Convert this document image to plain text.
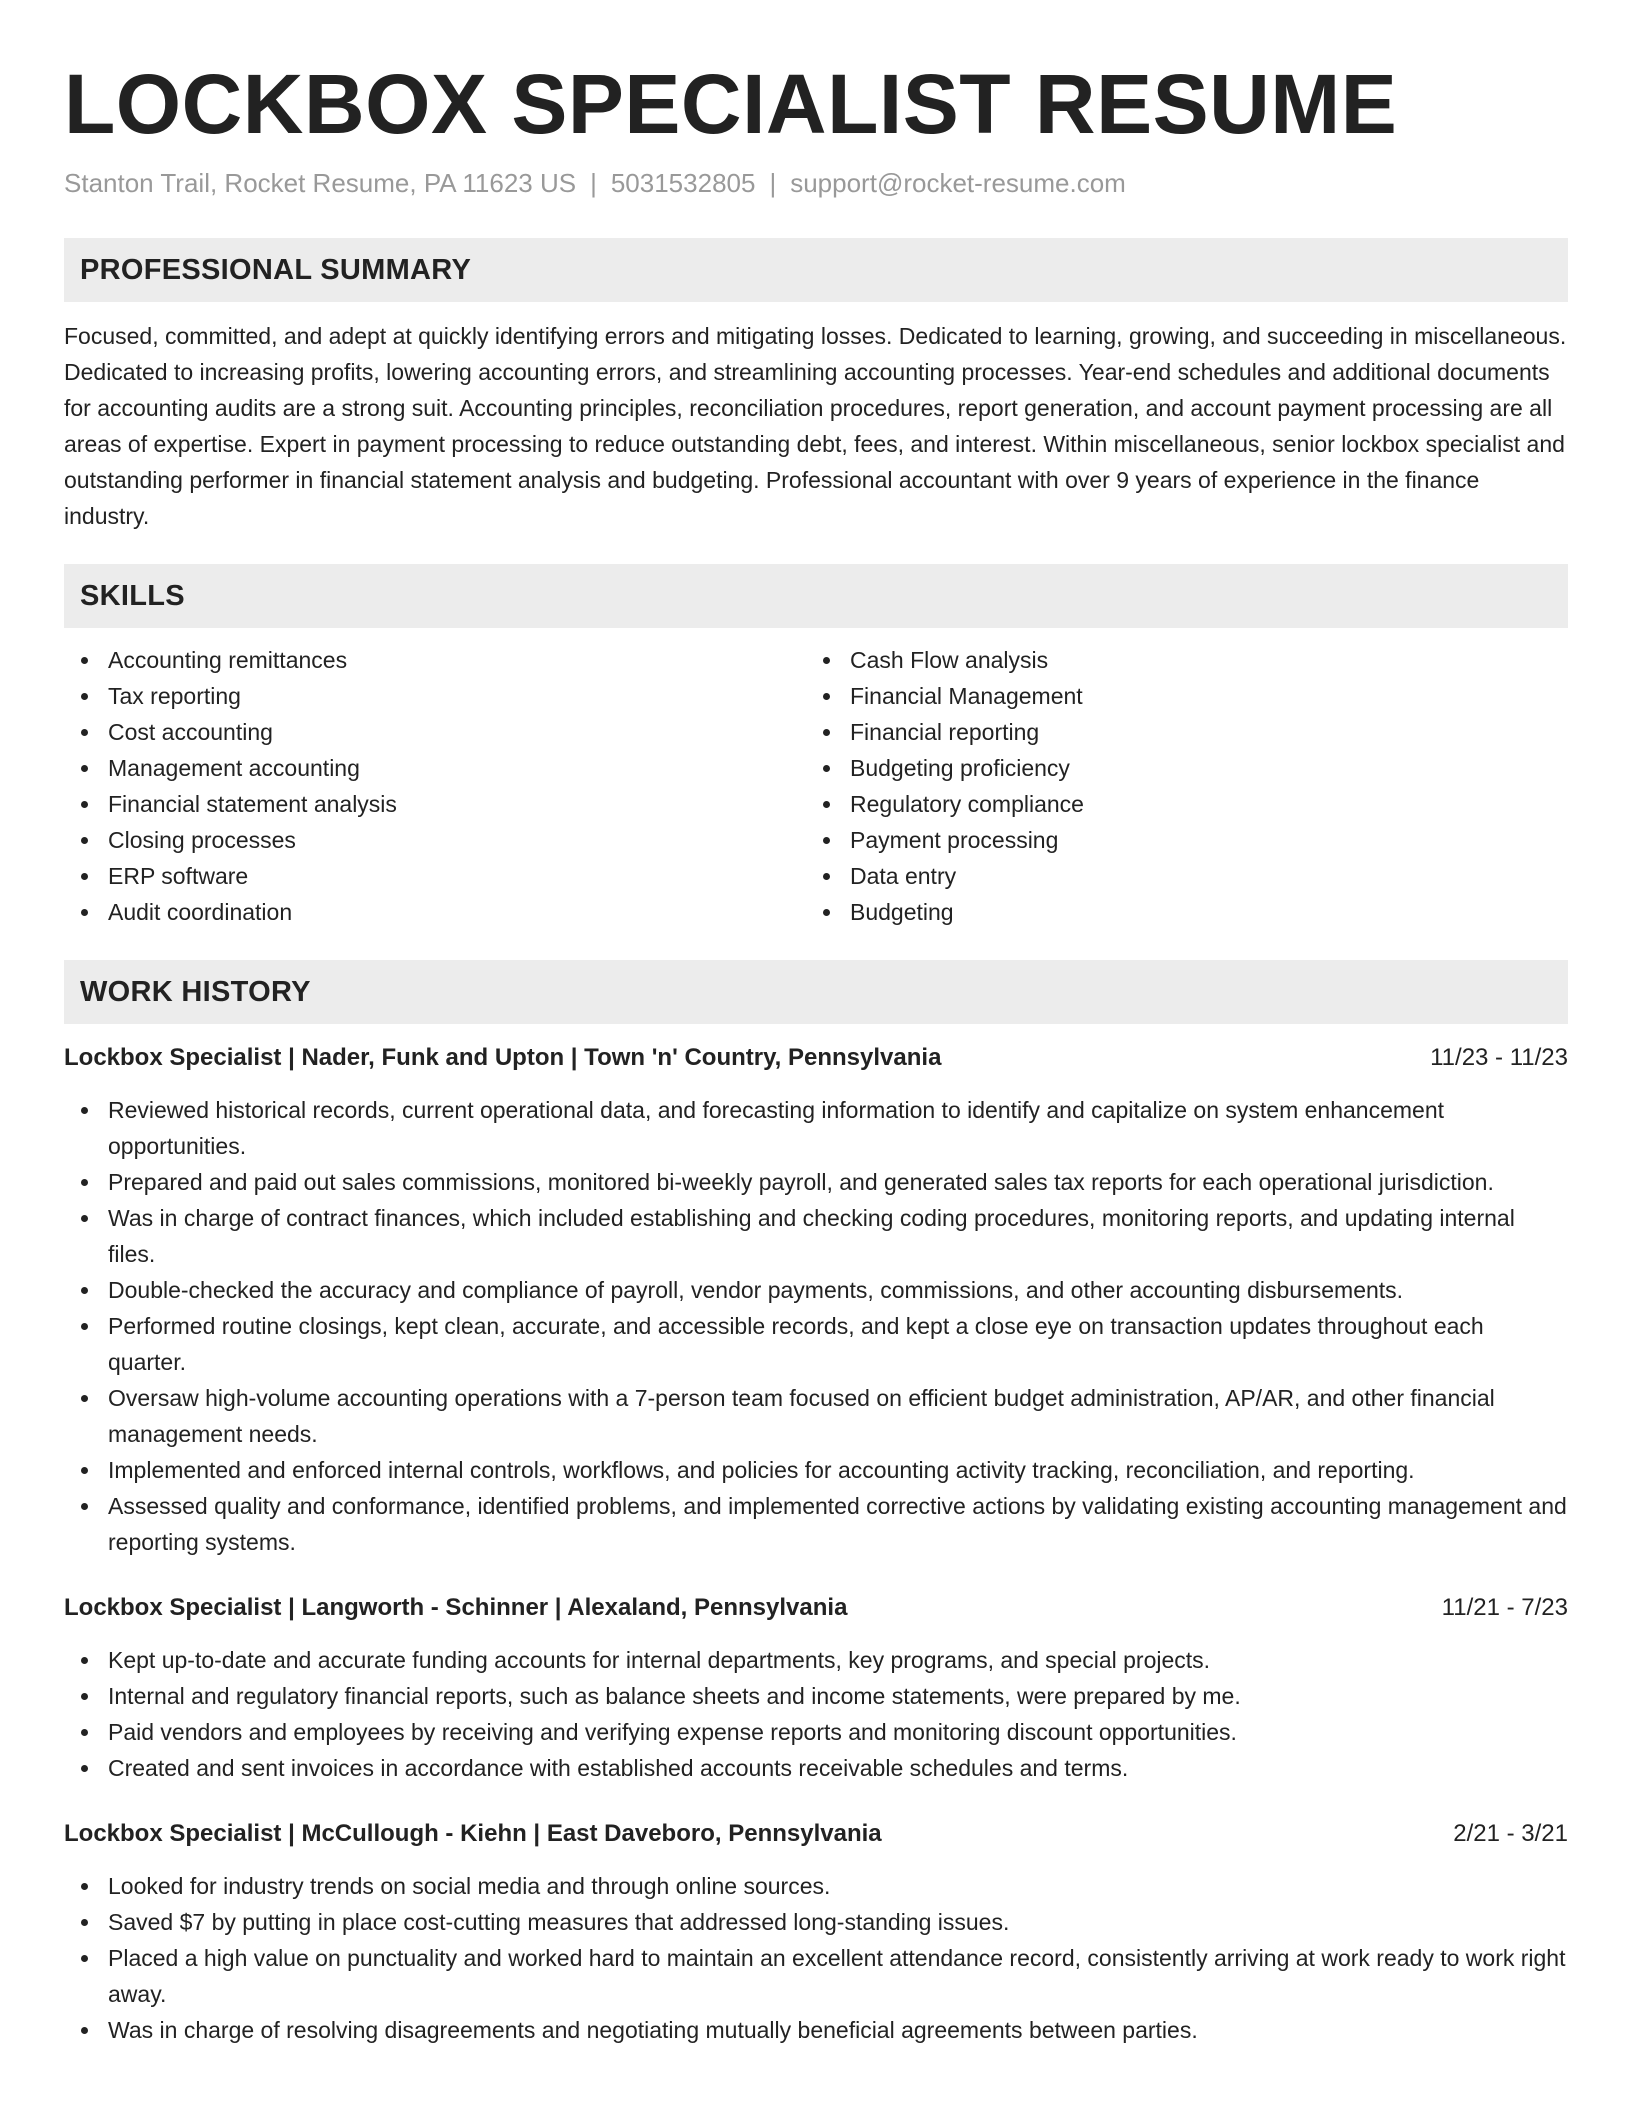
LOCKBOX SPECIALIST RESUME
Stanton Trail, Rocket Resume, PA 11623 US | 5031532805 | support@rocket-resume.com
PROFESSIONAL SUMMARY

Focused, committed, and adept at quickly identifying errors and mitigating losses. Dedicated to learning, growing, and succeeding in miscellaneous. Dedicated to increasing profits, lowering accounting errors, and streamlining accounting processes. Year-end schedules and additional documents for accounting audits are a strong suit. Accounting principles, reconciliation procedures, report generation, and account payment processing are all areas of expertise. Expert in payment processing to reduce outstanding debt, fees, and interest. Within miscellaneous, senior lockbox specialist and outstanding performer in financial statement analysis and budgeting. Professional accountant with over 9 years of experience in the finance industry.

SKILLS
Accounting remittances
Tax reporting
Cost accounting
Management accounting
Financial statement analysis
Closing processes
ERP software
Audit coordination
Cash Flow analysis
Financial Management
Financial reporting
Budgeting proficiency
Regulatory compliance
Payment processing
Data entry
Budgeting
WORK HISTORY
Lockbox Specialist | Nader, Funk and Upton | Town 'n' Country, Pennsylvania	11/23 - 11/23
Reviewed historical records, current operational data, and forecasting information to identify and capitalize on system enhancement opportunities.
Prepared and paid out sales commissions, monitored bi-weekly payroll, and generated sales tax reports for each operational jurisdiction.
Was in charge of contract finances, which included establishing and checking coding procedures, monitoring reports, and updating internal files.
Double-checked the accuracy and compliance of payroll, vendor payments, commissions, and other accounting disbursements.
Performed routine closings, kept clean, accurate, and accessible records, and kept a close eye on transaction updates throughout each quarter.
Oversaw high-volume accounting operations with a 7-person team focused on efficient budget administration, AP/AR, and other financial management needs.
Implemented and enforced internal controls, workflows, and policies for accounting activity tracking, reconciliation, and reporting.
Assessed quality and conformance, identified problems, and implemented corrective actions by validating existing accounting management and reporting systems.
Lockbox Specialist | Langworth - Schinner | Alexaland, Pennsylvania	11/21 - 7/23
Kept up-to-date and accurate funding accounts for internal departments, key programs, and special projects.
Internal and regulatory financial reports, such as balance sheets and income statements, were prepared by me.
Paid vendors and employees by receiving and verifying expense reports and monitoring discount opportunities.
Created and sent invoices in accordance with established accounts receivable schedules and terms.
Lockbox Specialist | McCullough - Kiehn | East Daveboro, Pennsylvania	2/21 - 3/21
Looked for industry trends on social media and through online sources.
Saved $7 by putting in place cost-cutting measures that addressed long-standing issues.
Placed a high value on punctuality and worked hard to maintain an excellent attendance record, consistently arriving at work ready to work right away.
Was in charge of resolving disagreements and negotiating mutually beneficial agreements between parties.
